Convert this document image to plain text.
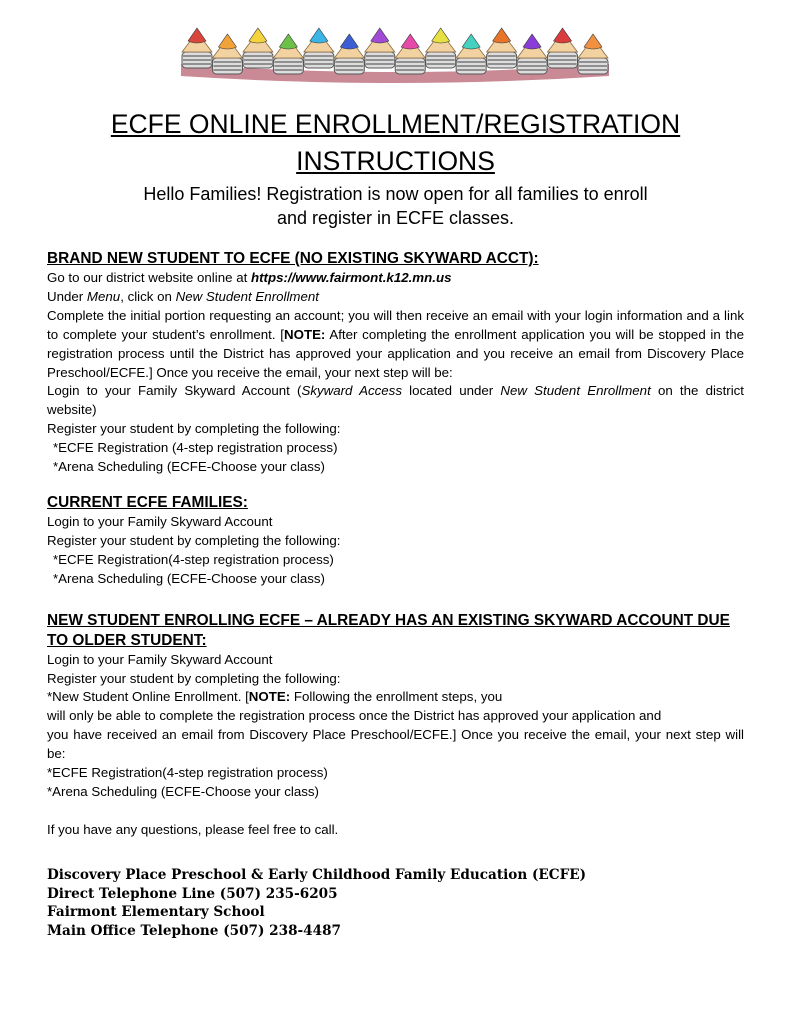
ECFE ONLINE ENROLLMENT/REGISTRATION
INSTRUCTIONS
Hello Families! Registration is now open for all families to enroll
and register in ECFE classes.

BRAND NEW STUDENT TO ECFE (NO EXISTING SKYWARD ACCT):

Go to our district website online at https://www.fairmont.k12.mn.us

Under Menu, click on New Student Enrollment

Complete the initial portion requesting an account; you will then receive an email with your login information and a link to complete your student’s enrollment. [NOTE: After completing the enrollment application you will be stopped in the registration process until the District has approved your application and you receive an email from Discovery Place Preschool/ECFE.] Once you receive the email, your next step will be:

Login to your Family Skyward Account (Skyward Access located under New Student Enrollment on the district website)

Register your student by completing the following:

*ECFE Registration (4-step registration process)

*Arena Scheduling (ECFE-Choose your class)

CURRENT ECFE FAMILIES:

Login to your Family Skyward Account

Register your student by completing the following:

*ECFE Registration(4-step registration process)

*Arena Scheduling (ECFE-Choose your class)

NEW STUDENT ENROLLING ECFE – ALREADY HAS AN EXISTING SKYWARD ACCOUNT DUE TO OLDER STUDENT:

Login to your Family Skyward Account

Register your student by completing the following:

*New Student Online Enrollment. [NOTE: Following the enrollment steps, you

will only be able to complete the registration process once the District has approved your application and

you have received an email from Discovery Place Preschool/ECFE.] Once you receive the email, your next step will be:

*ECFE Registration(4-step registration process)

*Arena Scheduling (ECFE-Choose your class)

If you have any questions, please feel free to call.

Discovery Place Preschool & Early Childhood Family Education (ECFE)

Direct Telephone Line (507) 235-6205

Fairmont Elementary School

Main Office Telephone (507) 238-4487
